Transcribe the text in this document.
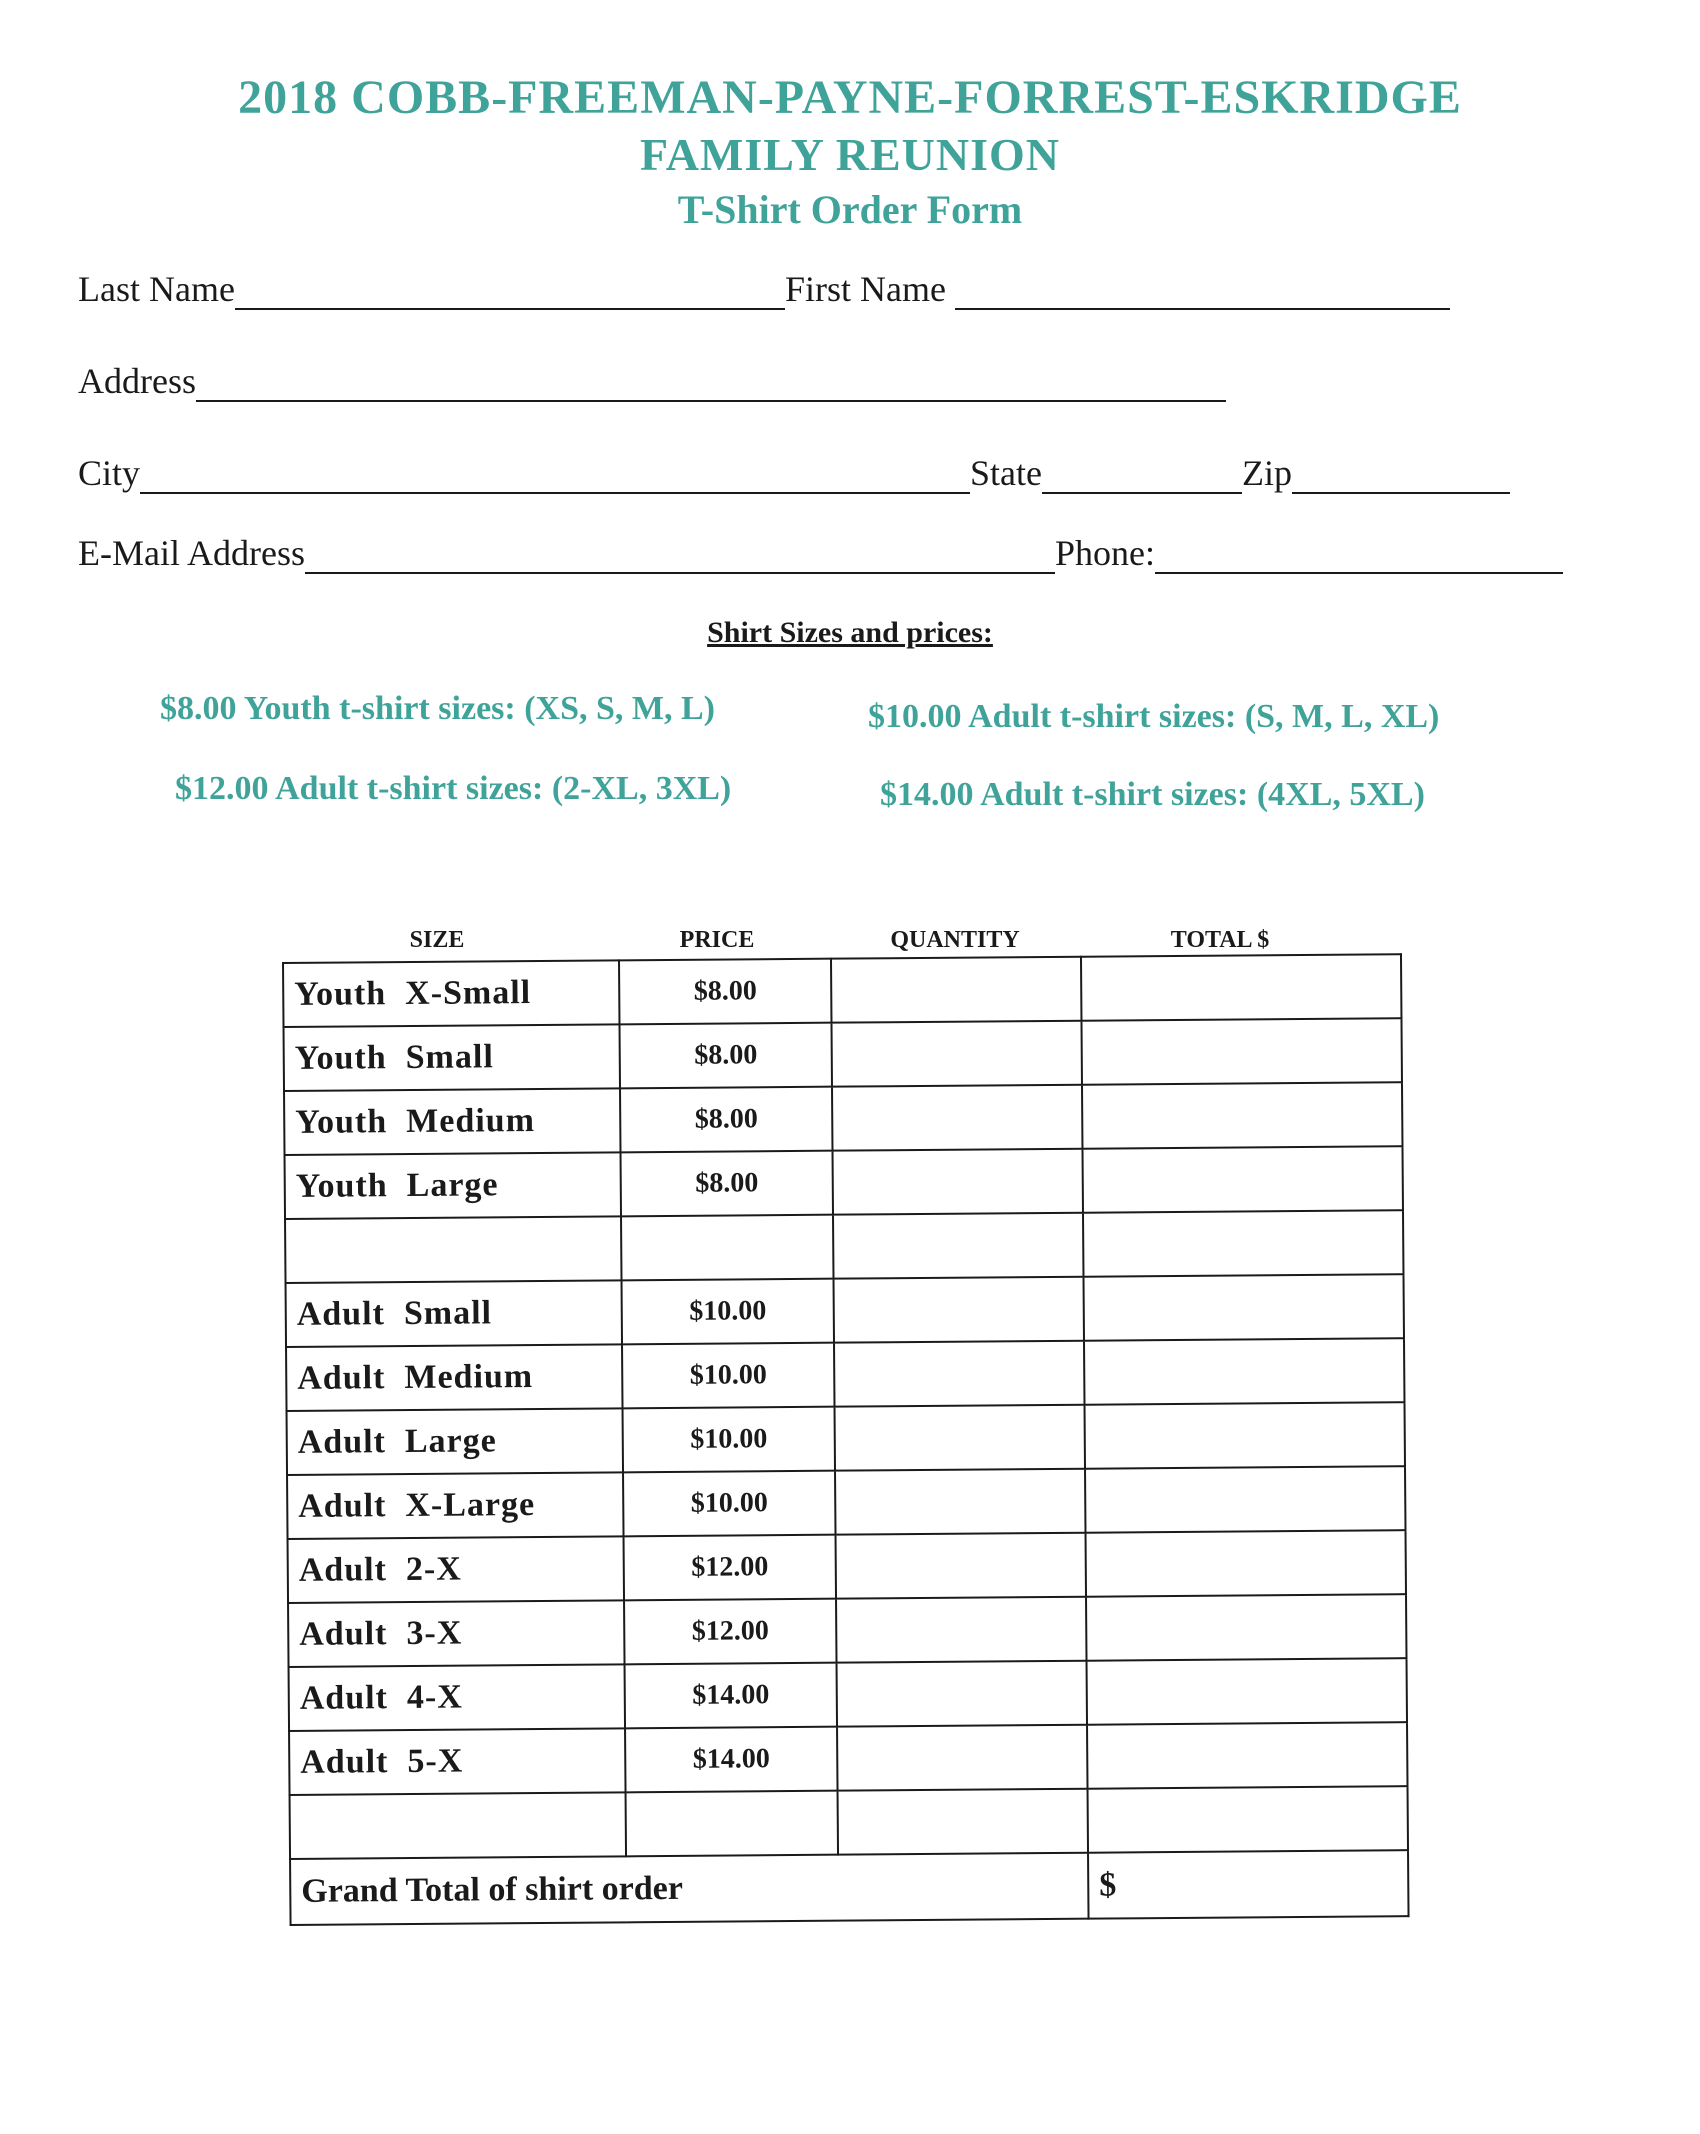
2018 COBB-FREEMAN-PAYNE-FORREST-ESKRIDGE
FAMILY REUNION
T-Shirt Order Form
Last Name	First Name
Address
City	State	Zip
E-Mail Address	Phone:
Shirt Sizes and prices:
$8.00 Youth t-shirt sizes: (XS, S, M, L)	$10.00 Adult t-shirt sizes: (S, M, L, XL)
$12.00 Adult t-shirt sizes: (2-XL, 3XL)	$14.00 Adult t-shirt sizes: (4XL, 5XL)
SIZE	PRICE	QUANTITY	TOTAL $
Youth  X-Small	$8.00		
Youth  Small	$8.00		
Youth  Medium	$8.00		
Youth  Large	$8.00		

Adult  Small	$10.00		
Adult  Medium	$10.00		
Adult  Large	$10.00		
Adult  X-Large	$10.00		
Adult  2-X	$12.00		
Adult  3-X	$12.00		
Adult  4-X	$14.00		
Adult  5-X	$14.00		

Grand Total of shirt order			$
